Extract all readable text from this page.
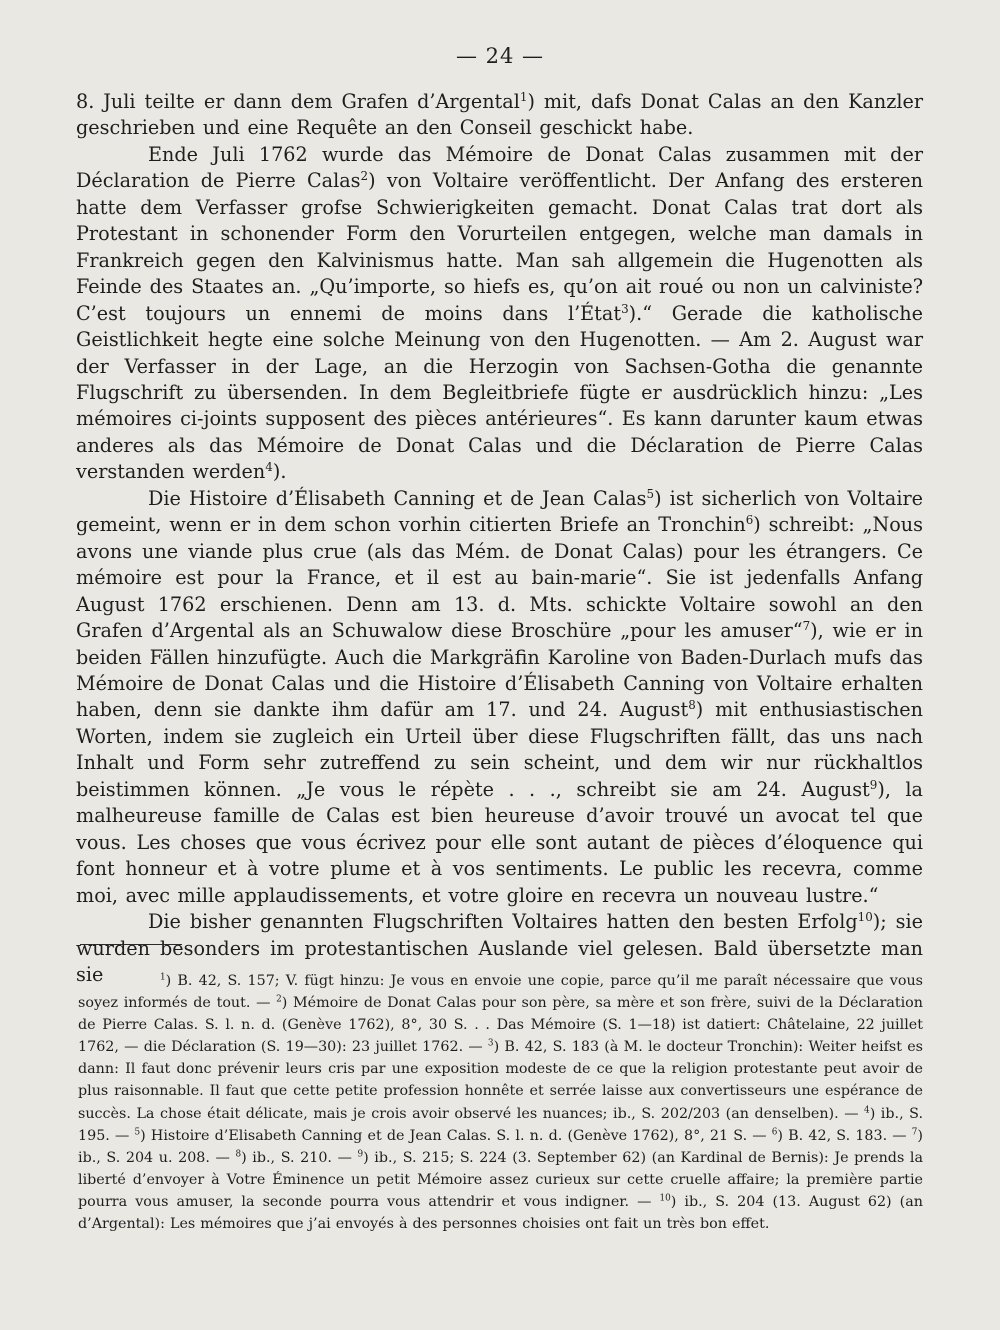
— 24 —

8. Juli teilte er dann dem Grafen d’Argental$^1$) mit, dafs Donat Calas an den Kanzler geschrieben und eine Requête an den Conseil geschickt habe.

Ende Juli 1762 wurde das Mémoire de Donat Calas zusammen mit der Déclaration de Pierre Calas$^2$) von Voltaire veröffentlicht. Der Anfang des ersteren hatte dem Verfasser grofse Schwierigkeiten gemacht. Donat Calas trat dort als Protestant in schonender Form den Vorurteilen entgegen, welche man damals in Frankreich gegen den Kalvinismus hatte. Man sah allgemein die Hugenotten als Feinde des Staates an. „Qu’importe, so hiefs es, qu’on ait roué ou non un calviniste? C’est toujours un ennemi de moins dans l’État$^3$).“ Gerade die katholische Geistlichkeit hegte eine solche Meinung von den Hugenotten. — Am 2. August war der Verfasser in der Lage, an die Herzogin von Sachsen-Gotha die genannte Flugschrift zu übersenden. In dem Begleitbriefe fügte er ausdrücklich hinzu: „Les mémoires ci-joints supposent des pièces antérieures“. Es kann darunter kaum etwas anderes als das Mémoire de Donat Calas und die Déclaration de Pierre Calas verstanden werden$^4$).

Die Histoire d’Élisabeth Canning et de Jean Calas$^5$) ist sicherlich von Voltaire gemeint, wenn er in dem schon vorhin citierten Briefe an Tronchin$^6$) schreibt: „Nous avons une viande plus crue (als das Mém. de Donat Calas) pour les étrangers. Ce mémoire est pour la France, et il est au bain-marie“. Sie ist jedenfalls Anfang August 1762 erschienen. Denn am 13. d. Mts. schickte Voltaire sowohl an den Grafen d’Argental als an Schuwalow diese Broschüre „pour les amuser“$^7$), wie er in beiden Fällen hinzufügte. Auch die Markgräfin Karoline von Baden-Durlach mufs das Mémoire de Donat Calas und die Histoire d’Élisabeth Canning von Voltaire erhalten haben, denn sie dankte ihm dafür am 17. und 24. August$^8$) mit enthusiastischen Worten, indem sie zugleich ein Urteil über diese Flugschriften fällt, das uns nach Inhalt und Form sehr zutreffend zu sein scheint, und dem wir nur rückhaltlos beistimmen können. „Je vous le répète . . ., schreibt sie am 24. August$^9$), la malheureuse famille de Calas est bien heureuse d’avoir trouvé un avocat tel que vous. Les choses que vous écrivez pour elle sont autant de pièces d’éloquence qui font honneur et à votre plume et à vos sentiments. Le public les recevra, comme moi, avec mille applaudissements, et votre gloire en recevra un nouveau lustre.“

Die bisher genannten Flugschriften Voltaires hatten den besten Erfolg$^{10}$); sie wurden besonders im protestantischen Auslande viel gelesen. Bald übersetzte man sie	$^1$) B. 42, S. 157; V. fügt hinzu: Je vous en envoie une copie, parce qu’il me paraît nécessaire que vous soyez informés de tout. — $^2$) Mémoire de Donat Calas pour son père, sa mère et son frère, suivi de la Déclaration de Pierre Calas. S. l. n. d. (Genève 1762), 8°, 30 S. . . Das Mémoire (S. 1—18) ist datiert: Châtelaine, 22 juillet 1762, — die Déclaration (S. 19—30): 23 juillet 1762. — $^3$) B. 42, S. 183 (à M. le docteur Tronchin): Weiter heifst es dann: Il faut donc prévenir leurs cris par une exposition modeste de ce que la religion protestante peut avoir de plus raisonnable. Il faut que cette petite profession honnête et serrée laisse aux convertisseurs une espérance de succès. La chose était délicate, mais je crois avoir observé les nuances; ib., S. 202/203 (an denselben). — $^4$) ib., S. 195. — $^5$) Histoire d’Elisabeth Canning et de Jean Calas. S. l. n. d. (Genève 1762), 8°, 21 S. — $^6$) B. 42, S. 183. — $^7$) ib., S. 204 u. 208. — $^8$) ib., S. 210. — $^9$) ib., S. 215; S. 224 (3. September 62) (an Kardinal de Bernis): Je prends la liberté d’envoyer à Votre Éminence un petit Mémoire assez curieux sur cette cruelle affaire; la première partie pourra vous amuser, la seconde pourra vous attendrir et vous indigner. — $^{10}$) ib., S. 204 (13. August 62) (an d’Argental): Les mémoires que j’ai envoyés à des personnes choisies ont fait un très bon effet.
